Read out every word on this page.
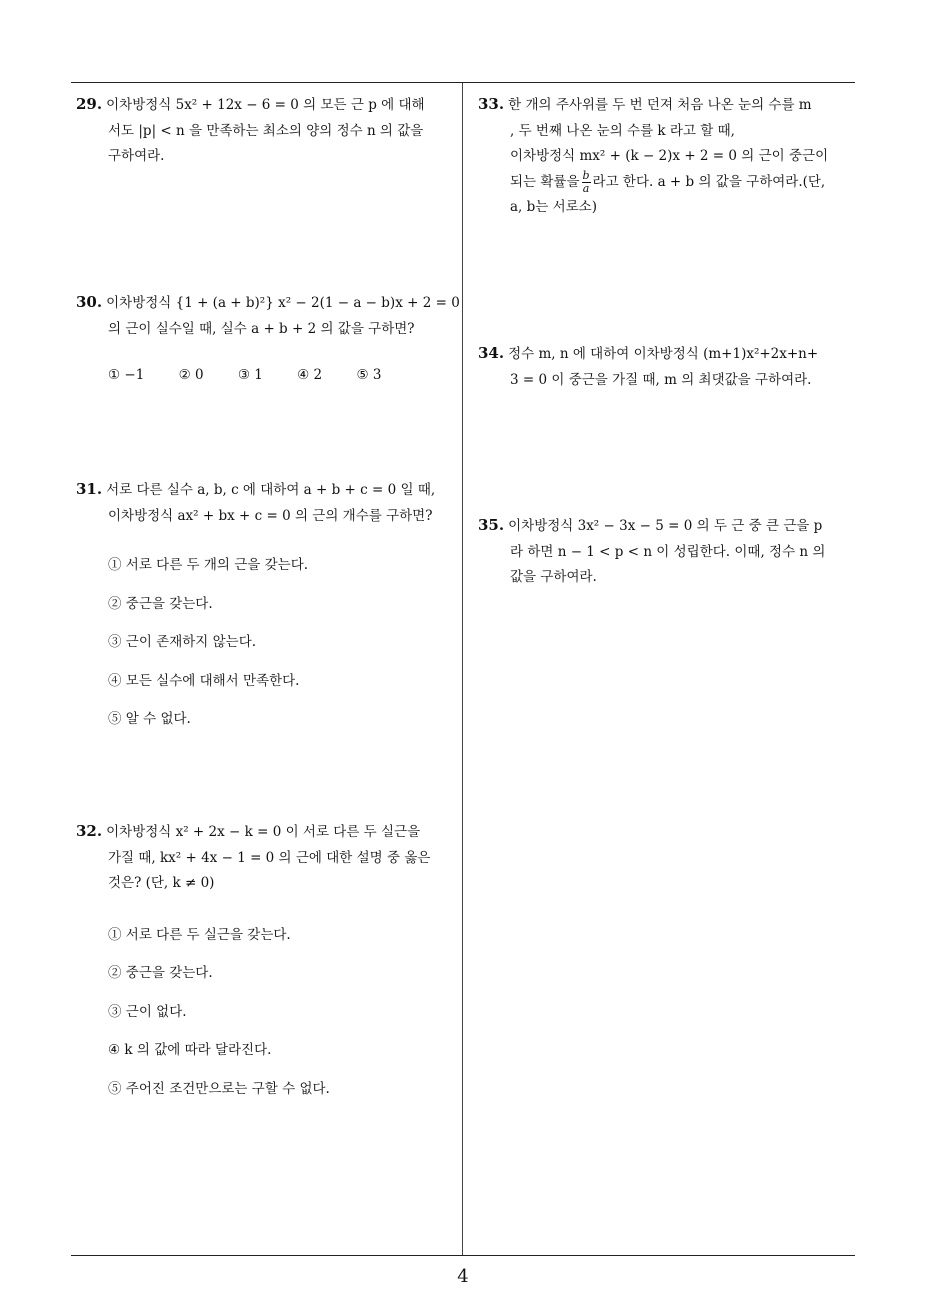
29. 이차방정식 5x² + 12x − 6 = 0 의 모든 근 p 에 대해
서도 |p| < n 을 만족하는 최소의 양의 정수 n 의 값을
구하여라.
30. 이차방정식 {1 + (a + b)²} x² − 2(1 − a − b)x + 2 = 0
의 근이 실수일 때, 실수 a + b + 2 의 값을 구하면?
① −1	② 0	③ 1	④ 2	⑤ 3
31. 서로 다른 실수 a, b, c 에 대하여 a + b + c = 0 일 때,
이차방정식 ax² + bx + c = 0 의 근의 개수를 구하면?
① 서로 다른 두 개의 근을 갖는다.
② 중근을 갖는다.
③ 근이 존재하지 않는다.
④ 모든 실수에 대해서 만족한다.
⑤ 알 수 없다.
32. 이차방정식 x² + 2x − k = 0 이 서로 다른 두 실근을
가질 때, kx² + 4x − 1 = 0 의 근에 대한 설명 중 옳은
것은? (단, k ≠ 0)
① 서로 다른 두 실근을 갖는다.
② 중근을 갖는다.
③ 근이 없다.
④ k 의 값에 따라 달라진다.
⑤ 주어진 조건만으로는 구할 수 없다.
33. 한 개의 주사위를 두 번 던져 처음 나온 눈의 수를 m
, 두 번째 나온 눈의 수를 k 라고 할 때,
이차방정식 mx² + (k − 2)x + 2 = 0 의 근이 중근이
되는 확률을 $\frac{b}{a}$ 라고 한다. a + b 의 값을 구하여라.(단,
a, b는 서로소)
34. 정수 m, n 에 대하여 이차방정식 (m+1)x²+2x+n+
3 = 0 이 중근을 가질 때, m 의 최댓값을 구하여라.
35. 이차방정식 3x² − 3x − 5 = 0 의 두 근 중 큰 근을 p
라 하면 n − 1 < p < n 이 성립한다. 이때, 정수 n 의
값을 구하여라.
4
